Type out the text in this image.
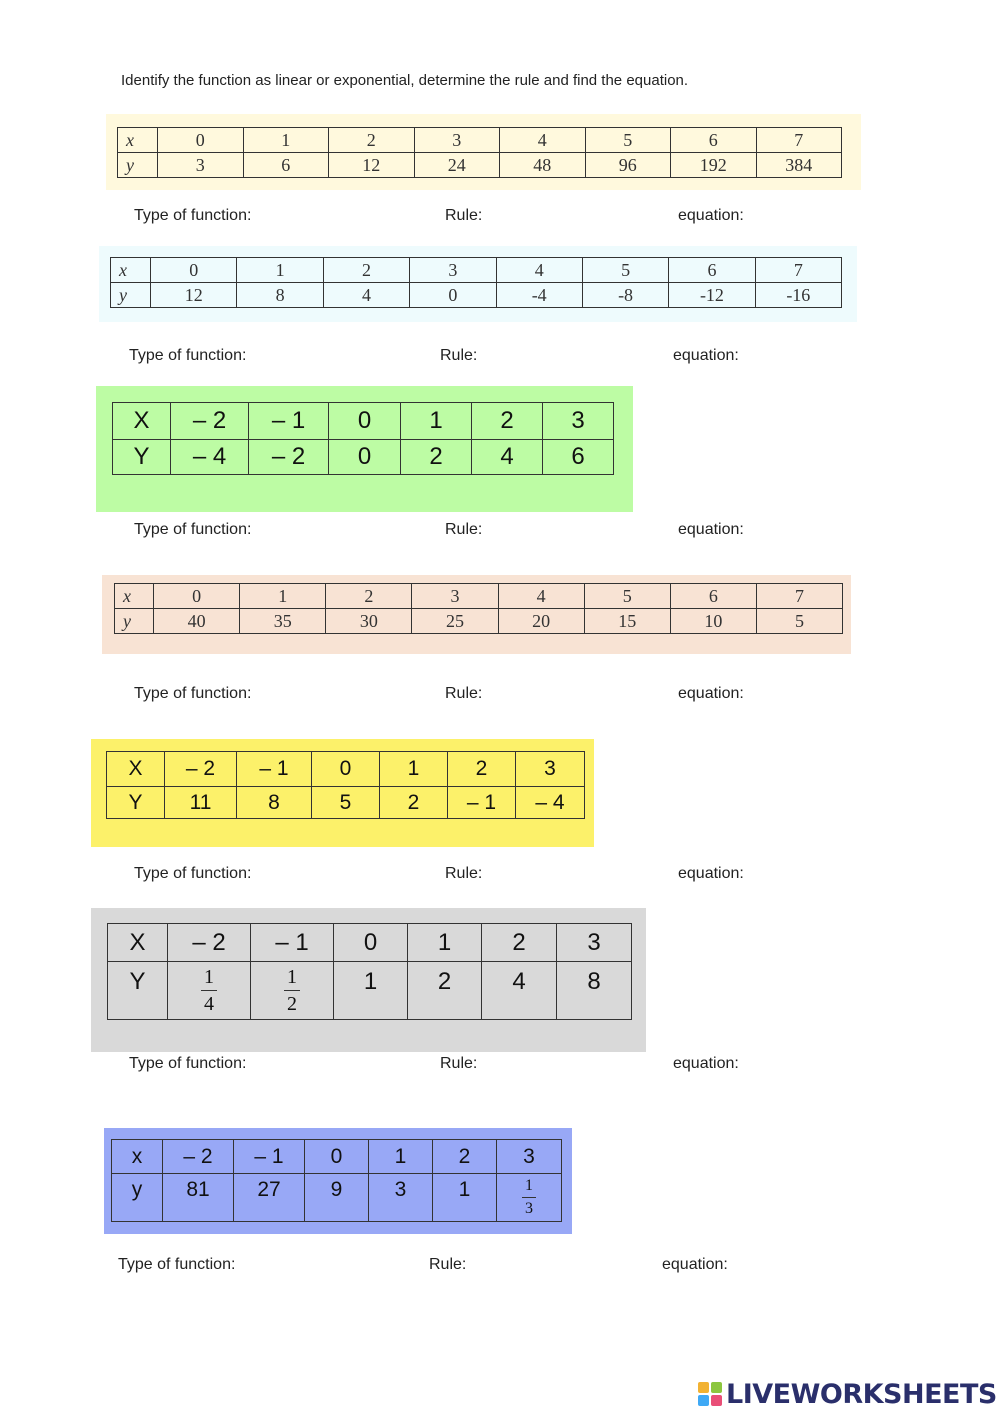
Identify the function as linear or exponential, determine the rule and find the equation.
x	0	1	2	3	4	5	6	7
y	3	6	12	24	48	96	192	384
Type of function:	Rule:	equation:
x	0	1	2	3	4	5	6	7
y	12	8	4	0	-4	-8	-12	-16
Type of function:	Rule:	equation:
X	– 2	– 1	0	1	2	3
Y	– 4	– 2	0	2	4	6
Type of function:	Rule:	equation:
x	0	1	2	3	4	5	6	7
y	40	35	30	25	20	15	10	5
Type of function:	Rule:	equation:
X	– 2	– 1	0	1	2	3
Y	11	8	5	2	– 1	– 4
Type of function:	Rule:	equation:
X	– 2	– 1	0	1	2	3
Y	$\frac{1}{4}$	$\frac{1}{2}$	1	2	4	8
Type of function:	Rule:	equation:
x	– 2	– 1	0	1	2	3
y	81	27	9	3	1	$\frac{1}{3}$
Type of function:	Rule:	equation:
LIVEWORKSHEETS
